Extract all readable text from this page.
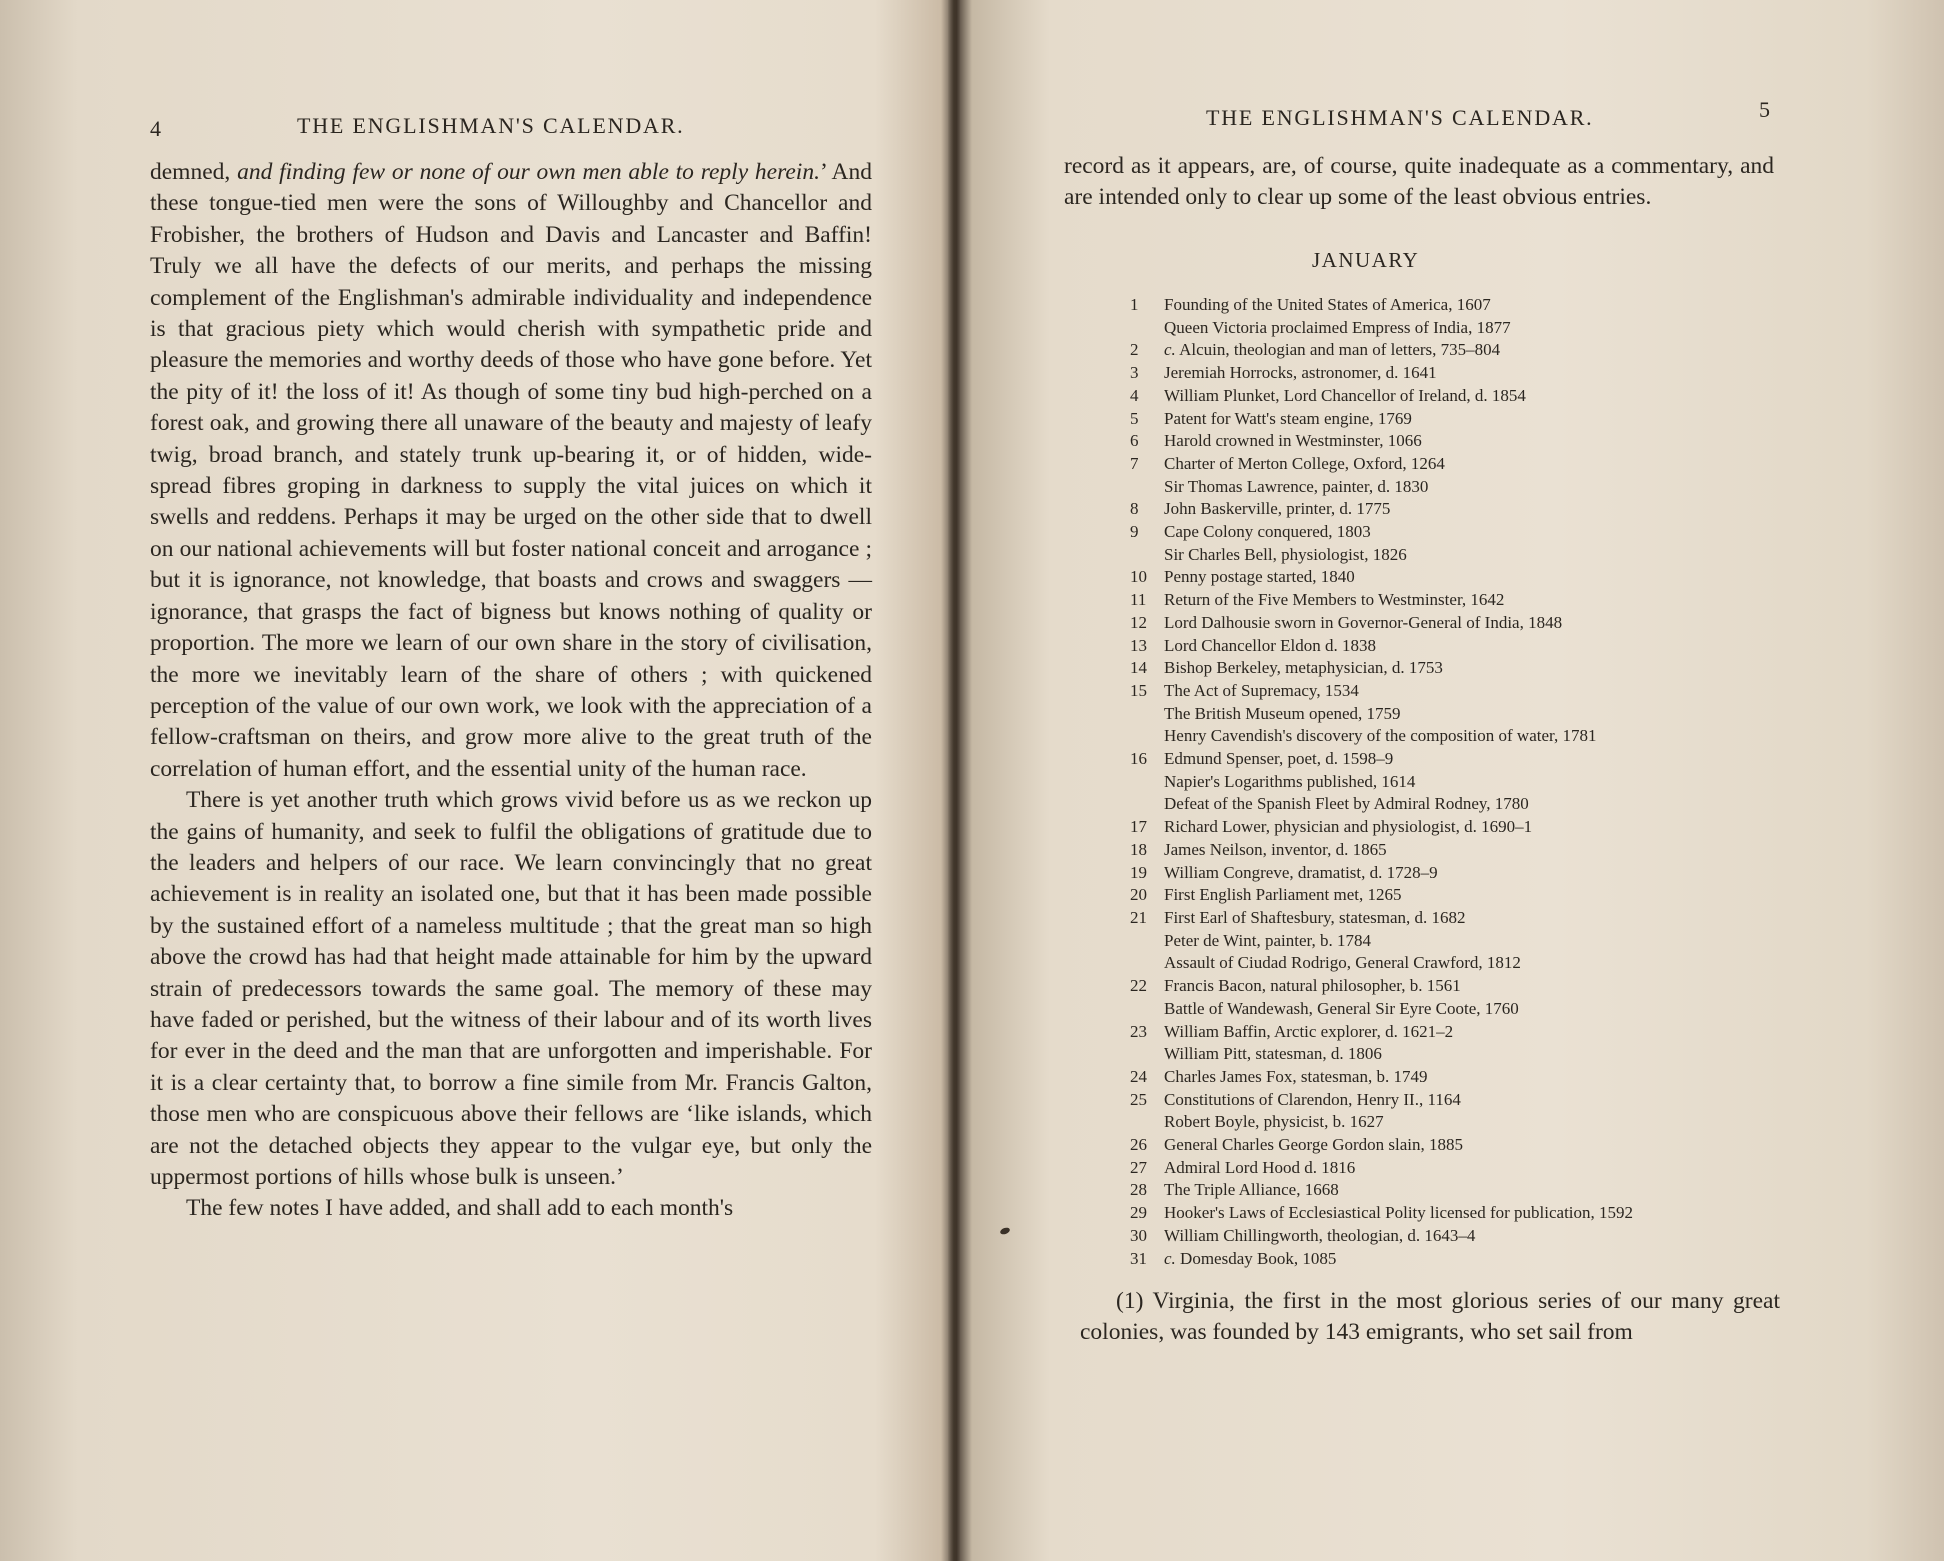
4	THE ENGLISHMAN'S CALENDAR.

demned, and finding few or none of our own men able to reply herein.’ And these tongue-tied men were the sons of Willoughby and Chancellor and Frobisher, the brothers of Hudson and Davis and Lancaster and Baffin! Truly we all have the defects of our merits, and perhaps the missing complement of the Englishman's admirable individuality and independence is that gracious piety which would cherish with sympathetic pride and pleasure the memories and worthy deeds of those who have gone before. Yet the pity of it! the loss of it! As though of some tiny bud high-perched on a forest oak, and growing there all unaware of the beauty and majesty of leafy twig, broad branch, and stately trunk up-bearing it, or of hidden, wide-spread fibres groping in darkness to supply the vital juices on which it swells and reddens. Perhaps it may be urged on the other side that to dwell on our national achievements will but foster national conceit and arrogance ; but it is ignorance, not knowledge, that boasts and crows and swaggers —ignorance, that grasps the fact of bigness but knows nothing of quality or proportion. The more we learn of our own share in the story of civilisation, the more we inevitably learn of the share of others ; with quickened perception of the value of our own work, we look with the appreciation of a fellow-craftsman on theirs, and grow more alive to the great truth of the correlation of human effort, and the essential unity of the human race.

There is yet another truth which grows vivid before us as we reckon up the gains of humanity, and seek to fulfil the obligations of gratitude due to the leaders and helpers of our race. We learn convincingly that no great achievement is in reality an isolated one, but that it has been made possible by the sustained effort of a nameless multitude ; that the great man so high above the crowd has had that height made attainable for him by the upward strain of predecessors towards the same goal. The memory of these may have faded or perished, but the witness of their labour and of its worth lives for ever in the deed and the man that are unforgotten and imperishable. For it is a clear certainty that, to borrow a fine simile from Mr. Francis Galton, those men who are conspicuous above their fellows are ‘like islands, which are not the detached objects they appear to the vulgar eye, but only the uppermost portions of hills whose bulk is unseen.’

The few notes I have added, and shall add to each month's

THE ENGLISHMAN'S CALENDAR.	5

record as it appears, are, of course, quite inadequate as a commentary, and are intended only to clear up some of the least obvious entries.

JANUARY
1	Founding of the United States of America, 1607
Queen Victoria proclaimed Empress of India, 1877
2	c. Alcuin, theologian and man of letters, 735–804
3	Jeremiah Horrocks, astronomer, d. 1641
4	William Plunket, Lord Chancellor of Ireland, d. 1854
5	Patent for Watt's steam engine, 1769
6	Harold crowned in Westminster, 1066
7	Charter of Merton College, Oxford, 1264
Sir Thomas Lawrence, painter, d. 1830
8	John Baskerville, printer, d. 1775
9	Cape Colony conquered, 1803
Sir Charles Bell, physiologist, 1826
10	Penny postage started, 1840
11	Return of the Five Members to Westminster, 1642
12	Lord Dalhousie sworn in Governor-General of India, 1848
13	Lord Chancellor Eldon d. 1838
14	Bishop Berkeley, metaphysician, d. 1753
15	The Act of Supremacy, 1534
The British Museum opened, 1759
Henry Cavendish's discovery of the composition of water, 1781
16	Edmund Spenser, poet, d. 1598–9
Napier's Logarithms published, 1614
Defeat of the Spanish Fleet by Admiral Rodney, 1780
17	Richard Lower, physician and physiologist, d. 1690–1
18	James Neilson, inventor, d. 1865
19	William Congreve, dramatist, d. 1728–9
20	First English Parliament met, 1265
21	First Earl of Shaftesbury, statesman, d. 1682
Peter de Wint, painter, b. 1784
Assault of Ciudad Rodrigo, General Crawford, 1812
22	Francis Bacon, natural philosopher, b. 1561
Battle of Wandewash, General Sir Eyre Coote, 1760
23	William Baffin, Arctic explorer, d. 1621–2
William Pitt, statesman, d. 1806
24	Charles James Fox, statesman, b. 1749
25	Constitutions of Clarendon, Henry II., 1164
Robert Boyle, physicist, b. 1627
26	General Charles George Gordon slain, 1885
27	Admiral Lord Hood d. 1816
28	The Triple Alliance, 1668
29	Hooker's Laws of Ecclesiastical Polity licensed for publication, 1592
30	William Chillingworth, theologian, d. 1643–4
31	c. Domesday Book, 1085
(1) Virginia, the first in the most glorious series of our many great colonies, was founded by 143 emigrants, who set sail from
